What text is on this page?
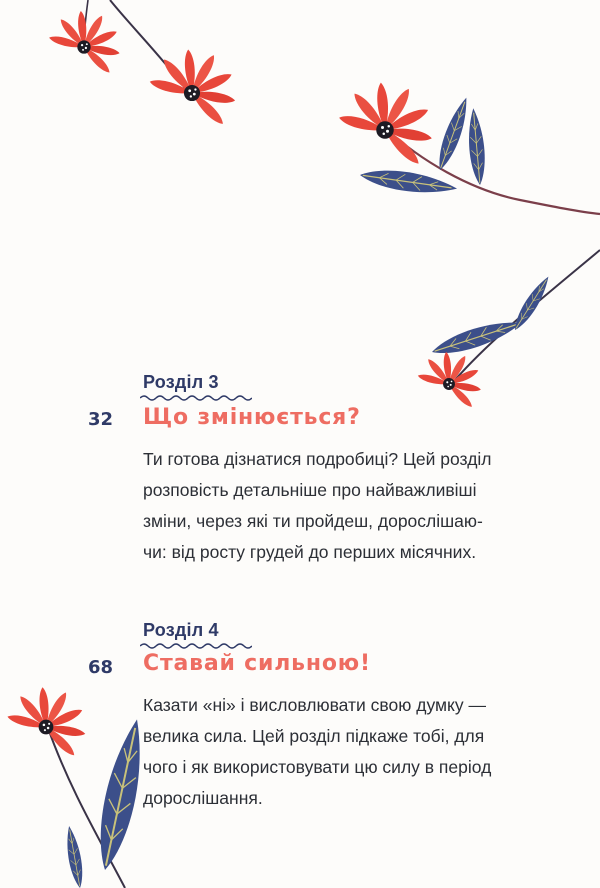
Розділ 3
32 Що змінюється?
Ти готова дізнатися подробиці? Цей розділ
розповість детальніше про найважливіші
зміни, через які ти пройдеш, дорослішаю-
чи: від росту грудей до перших місячних.
Розділ 4
68 Ставай сильною!
Казати «ні» і висловлювати свою думку —
велика сила. Цей розділ підкаже тобі, для
чого і як використовувати цю силу в період
дорослішання.
